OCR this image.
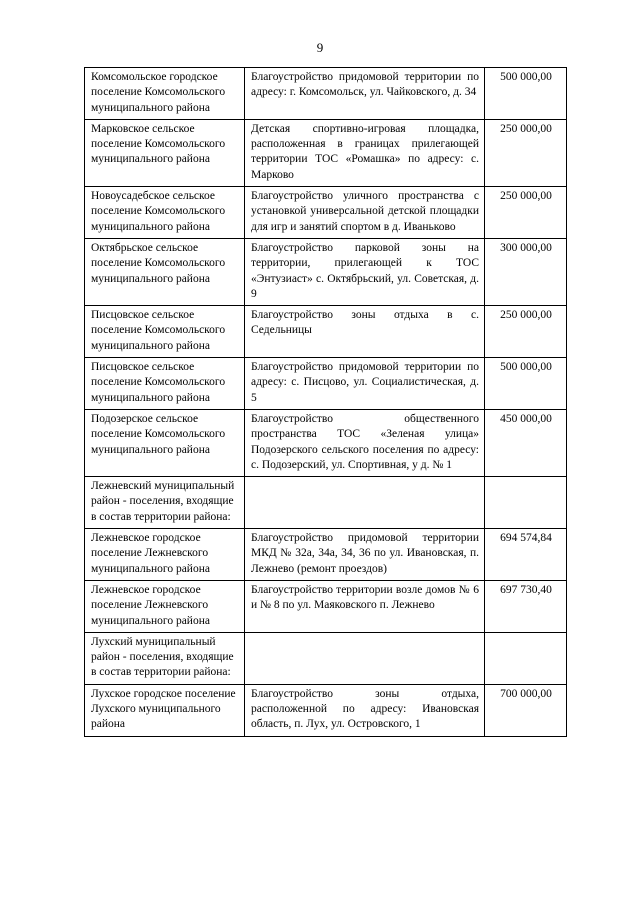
9
Комсомольское городское поселение Комсомольского муниципального района	Благоустройство придомовой территории по адресу: г. Комсомольск, ул. Чайковского, д. 34	500 000,00
Марковское сельское поселение Комсомольского муниципального района	Детская спортивно-игровая площадка, расположенная в границах прилегающей территории ТОС «Ромашка» по адресу: с. Марково	250 000,00
Новоусадебское сельское поселение Комсомольского муниципального района	Благоустройство уличного пространства с установкой универсальной детской площадки для игр и занятий спортом в д. Иваньково	250 000,00
Октябрьское сельское поселение Комсомольского муниципального района	Благоустройство парковой зоны на территории, прилегающей к ТОС «Энтузиаст» с. Октябрьский, ул. Советская, д. 9	300 000,00
Писцовское сельское поселение Комсомольского муниципального района	Благоустройство зоны отдыха в с. Седельницы	250 000,00
Писцовское сельское поселение Комсомольского муниципального района	Благоустройство придомовой территории по адресу: с. Писцово, ул. Социалистическая, д. 5	500 000,00
Подозерское сельское поселение Комсомольского муниципального района	Благоустройство общественного пространства ТОС «Зеленая улица» Подозерского сельского поселения по адресу: с. Подозерский, ул. Спортивная, у д. № 1	450 000,00
Лежневский муниципальный район - поселения, входящие в состав территории района:		
Лежневское городское поселение Лежневского муниципального района	Благоустройство придомовой территории МКД № 32а, 34а, 34, 36 по ул. Ивановская, п. Лежнево (ремонт проездов)	694 574,84
Лежневское городское поселение Лежневского муниципального района	Благоустройство территории возле домов № 6 и № 8 по ул. Маяковского п. Лежнево	697 730,40
Лухский муниципальный район - поселения, входящие в состав территории района:		
Лухское городское поселение Лухского муниципального района	Благоустройство зоны отдыха, расположенной по адресу: Ивановская область, п. Лух, ул. Островского, 1	700 000,00
